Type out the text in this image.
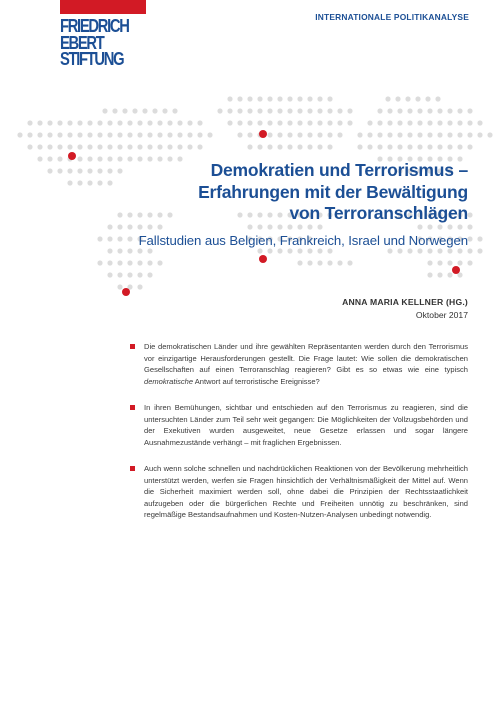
FRIEDRICH
EBERT
STIFTUNG
INTERNATIONALE POLITIKANALYSE
Demokratien und Terrorismus –
Erfahrungen mit der Bewältigung
von Terroranschlägen
Fallstudien aus Belgien, Frankreich, Israel und Norwegen
ANNA MARIA KELLNER (HG.)
Oktober 2017
Die demokratischen Länder und ihre gewählten Repräsentanten werden durch den Terrorismus vor einzigartige Herausforderungen gestellt. Die Frage lautet: Wie sollen die demokratischen Gesellschaften auf einen Terroranschlag reagieren? Gibt es so etwas wie eine typisch demokratische Antwort auf terroristische Ereignisse?
In ihren Bemühungen, sichtbar und entschieden auf den Terrorismus zu reagieren, sind die untersuchten Länder zum Teil sehr weit gegangen: Die Möglichkeiten der Vollzugsbehörden und der Exekutiven wurden ausgeweitet, neue Gesetze erlassen und sogar längere Ausnahmezustände verhängt – mit fraglichen Ergebnissen.
Auch wenn solche schnellen und nachdrücklichen Reaktionen von der Bevölkerung mehrheitlich unterstützt werden, werfen sie Fragen hinsichtlich der Verhältnismäßigkeit der Mittel auf. Wenn die Sicherheit maximiert werden soll, ohne dabei die Prinzipien der Rechtsstaatlichkeit aufzugeben oder die bürgerlichen Rechte und Freiheiten unnötig zu beschränken, sind regelmäßige Bestandsaufnahmen und Kosten-Nutzen-Analysen unbedingt notwendig.
